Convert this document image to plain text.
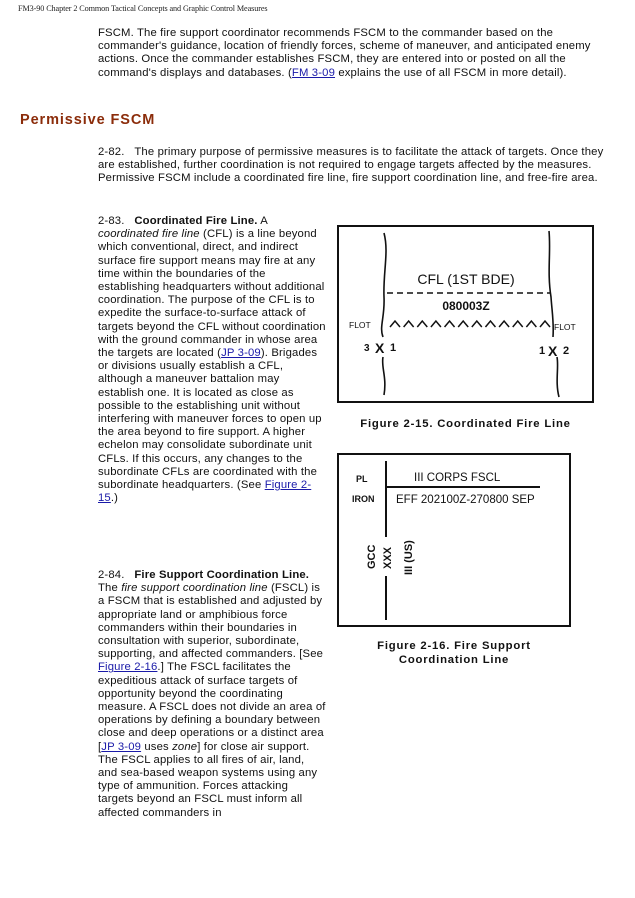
FM3-90 Chapter 2 Common Tactical Concepts and Graphic Control Measures
FSCM. The fire support coordinator recommends FSCM to the commander based on the commander's guidance, location of friendly forces, scheme of maneuver, and anticipated enemy actions. Once the commander establishes FSCM, they are entered into or posted on all the command's displays and databases. (FM 3-09 explains the use of all FSCM in more detail).
Permissive FSCM
2-82. The primary purpose of permissive measures is to facilitate the attack of targets. Once they are established, further coordination is not required to engage targets affected by the measures. Permissive FSCM include a coordinated fire line, fire support coordination line, and free-fire area.
2-83. Coordinated Fire Line. A coordinated fire line (CFL) is a line beyond which conventional, direct, and indirect surface fire support means may fire at any time within the boundaries of the establishing headquarters without additional coordination. The purpose of the CFL is to expedite the surface-to-surface attack of targets beyond the CFL without coordination with the ground commander in whose area the targets are located (JP 3-09). Brigades or divisions usually establish a CFL, although a maneuver battalion may establish one. It is located as close as possible to the establishing unit without interfering with maneuver forces to open up the area beyond to fire support. A higher echelon may consolidate subordinate unit CFLs. If this occurs, any changes to the subordinate CFLs are coordinated with the subordinate headquarters. (See Figure 2-15.)
2-84. Fire Support Coordination Line. The fire support coordination line (FSCL) is a FSCM that is established and adjusted by appropriate land or amphibious force commanders within their boundaries in consultation with superior, subordinate, supporting, and affected commanders. [See Figure 2-16.] The FSCL facilitates the expeditious attack of surface targets of opportunity beyond the coordinating measure. A FSCL does not divide an area of operations by defining a boundary between close and deep operations or a distinct area [JP 3-09 uses zone] for close air support. The FSCL applies to all fires of air, land, and sea-based weapon systems using any type of ammunition. Forces attacking targets beyond an FSCL must inform all affected commanders in
CFL (1ST BDE)
080003Z
FLOT	FLOT
3 X 1	1 X 2
Figure 2-15. Coordinated Fire Line
PL
IRON
III CORPS FSCL
EFF 202100Z-270800 SEP
GCC XXX III (US)
Figure 2-16. Fire Support
Coordination Line
